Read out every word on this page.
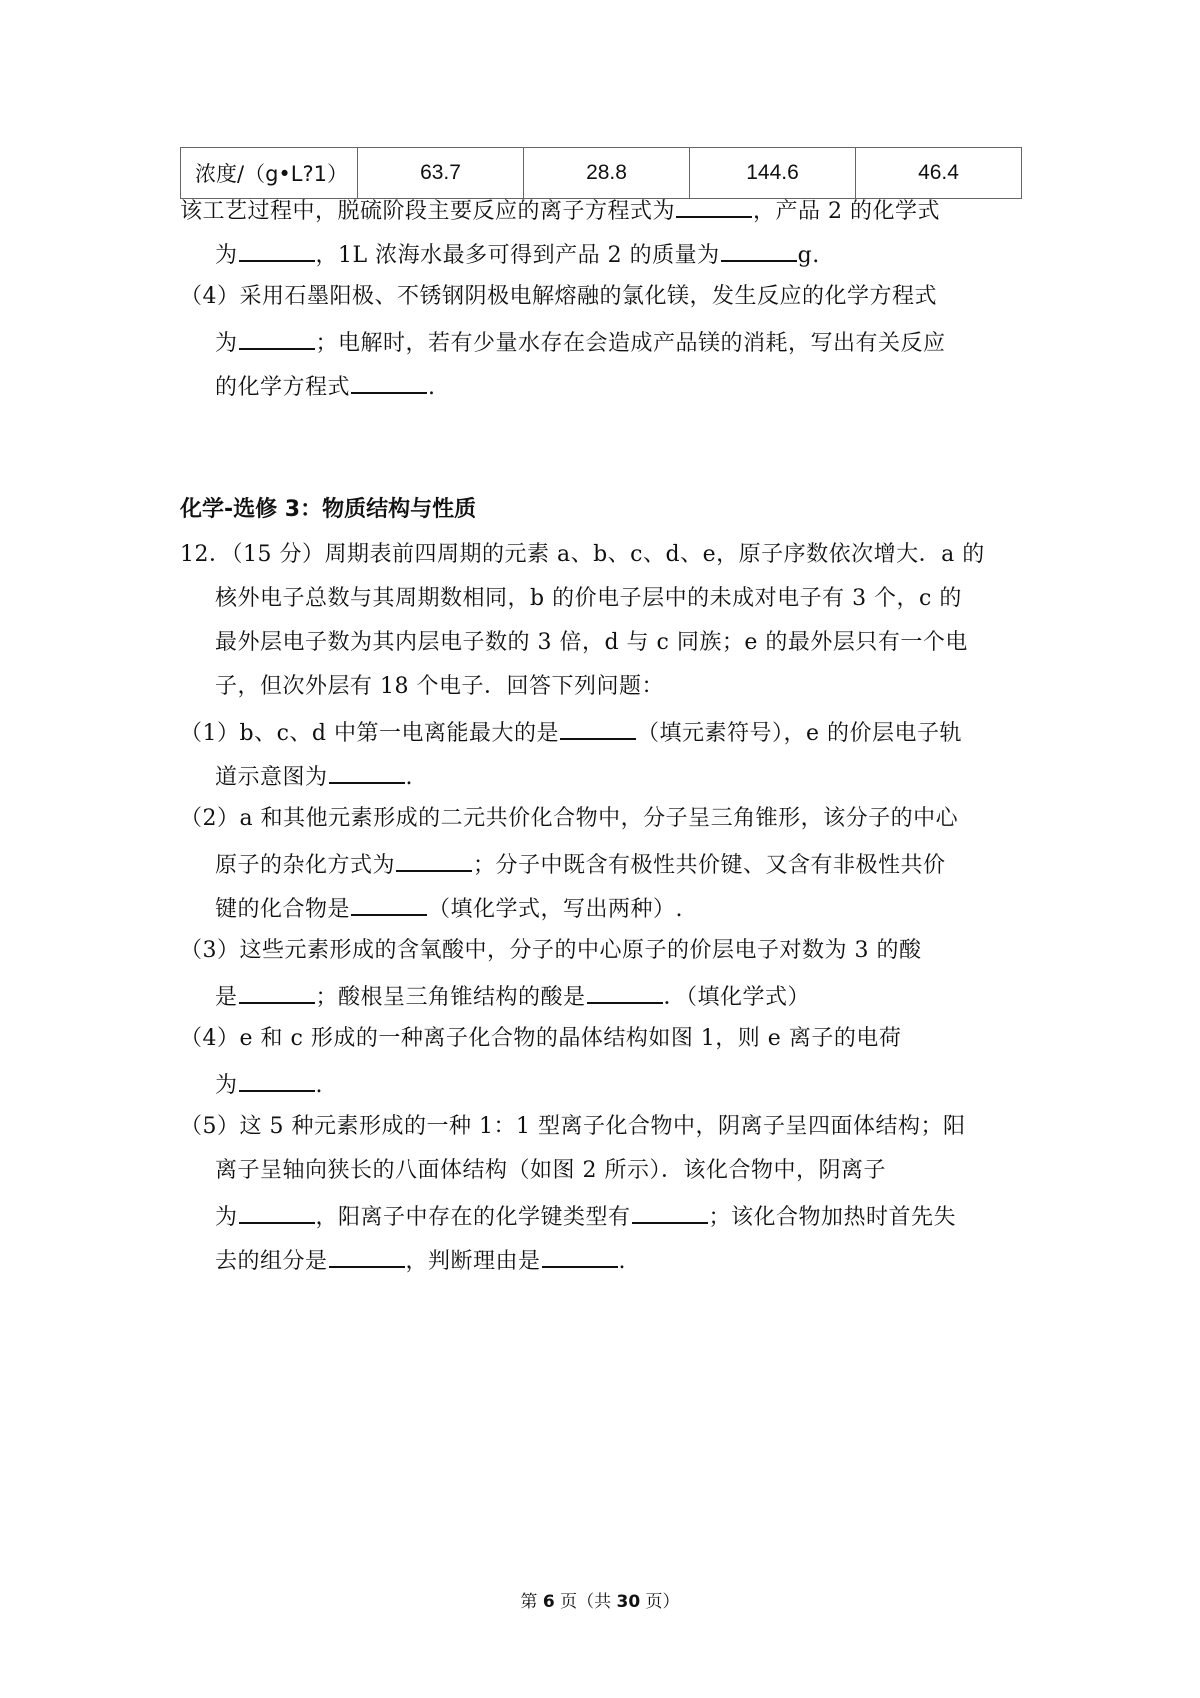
浓度/（g•L?1）	63.7	28.8	144.6	46.4
该工艺过程中，脱硫阶段主要反应的离子方程式为	，产品 2 的化学式
为	，1L 浓海水最多可得到产品 2 的质量为	g.
（4）采用石墨阳极、不锈钢阴极电解熔融的氯化镁，发生反应的化学方程式
为	；电解时，若有少量水存在会造成产品镁的消耗，写出有关反应
的化学方程式	.
化学-选修 3：物质结构与性质
12．（15 分）周期表前四周期的元素 a、b、c、d、e，原子序数依次增大．a 的
核外电子总数与其周期数相同，b 的价电子层中的未成对电子有 3 个，c 的
最外层电子数为其内层电子数的 3 倍，d 与 c 同族；e 的最外层只有一个电
子，但次外层有 18 个电子．回答下列问题：
（1）b、c、d 中第一电离能最大的是	（填元素符号），e 的价层电子轨
道示意图为	.
（2）a 和其他元素形成的二元共价化合物中，分子呈三角锥形，该分子的中心
原子的杂化方式为	；分子中既含有极性共价键、又含有非极性共价
键的化合物是	（填化学式，写出两种）.
（3）这些元素形成的含氧酸中，分子的中心原子的价层电子对数为 3 的酸
是	；酸根呈三角锥结构的酸是	．（填化学式）
（4）e 和 c 形成的一种离子化合物的晶体结构如图 1，则 e 离子的电荷
为	.
（5）这 5 种元素形成的一种 1：1 型离子化合物中，阴离子呈四面体结构；阳
离子呈轴向狭长的八面体结构（如图 2 所示）．该化合物中，阴离子
为	，阳离子中存在的化学键类型有	；该化合物加热时首先失
去的组分是	，判断理由是	.
第 6 页（共 30 页）
